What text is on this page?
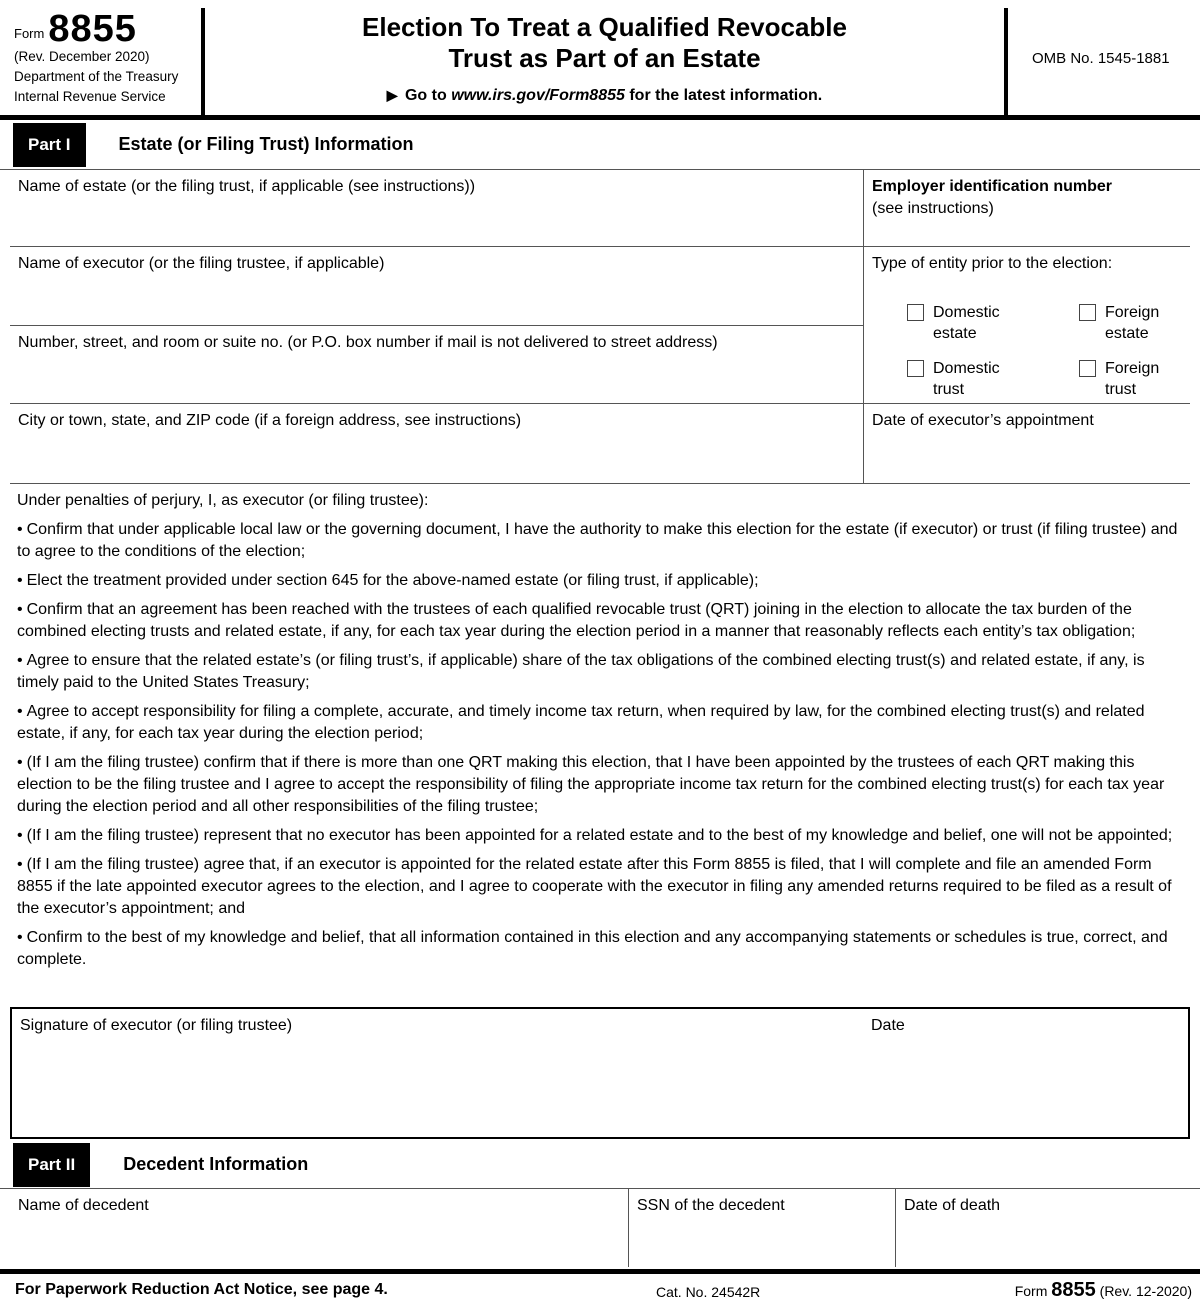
Form 8855
(Rev. December 2020)
Department of the Treasury
Internal Revenue Service
Election To Treat a Qualified Revocable
Trust as Part of an Estate
▶ Go to www.irs.gov/Form8855 for the latest information.
OMB No. 1545-1881
Part I	Estate (or Filing Trust) Information
Name of estate (or the filing trust, if applicable (see instructions))	Employer identification number
(see instructions)
Name of executor (or the filing trustee, if applicable)	Type of entity prior to the election:
Domestic
estate
Foreign
estate
Domestic
trust
Foreign
trust
Number, street, and room or suite no. (or P.O. box number if mail is not delivered to street address)
City or town, state, and ZIP code (if a foreign address, see instructions)	Date of executor’s appointment

Under penalties of perjury, I, as executor (or filing trustee):

• Confirm that under applicable local law or the governing document, I have the authority to make this election for the estate (if executor) or trust (if filing trustee) and to agree to the conditions of the election;

• Elect the treatment provided under section 645 for the above-named estate (or filing trust, if applicable);

• Confirm that an agreement has been reached with the trustees of each qualified revocable trust (QRT) joining in the election to allocate the tax burden of the combined electing trusts and related estate, if any, for each tax year during the election period in a manner that reasonably reflects each entity’s tax obligation;

• Agree to ensure that the related estate’s (or filing trust’s, if applicable) share of the tax obligations of the combined electing trust(s) and related estate, if any, is timely paid to the United States Treasury;

• Agree to accept responsibility for filing a complete, accurate, and timely income tax return, when required by law, for the combined electing trust(s) and related estate, if any, for each tax year during the election period;

• (If I am the filing trustee) confirm that if there is more than one QRT making this election, that I have been appointed by the trustees of each QRT making this election to be the filing trustee and I agree to accept the responsibility of filing the appropriate income tax return for the combined electing trust(s) for each tax year during the election period and all other responsibilities of the filing trustee;

• (If I am the filing trustee) represent that no executor has been appointed for a related estate and to the best of my knowledge and belief, one will not be appointed;

• (If I am the filing trustee) agree that, if an executor is appointed for the related estate after this Form 8855 is filed, that I will complete and file an amended Form 8855 if the late appointed executor agrees to the election, and I agree to cooperate with the executor in filing any amended returns required to be filed as a result of the executor’s appointment; and

• Confirm to the best of my knowledge and belief, that all information contained in this election and any accompanying statements or schedules is true, correct, and complete.

Signature of executor (or filing trustee)	Date
Part II	Decedent Information
Name of decedent	SSN of the decedent	Date of death
For Paperwork Reduction Act Notice, see page 4.	Cat. No. 24542R	Form 8855 (Rev. 12-2020)
